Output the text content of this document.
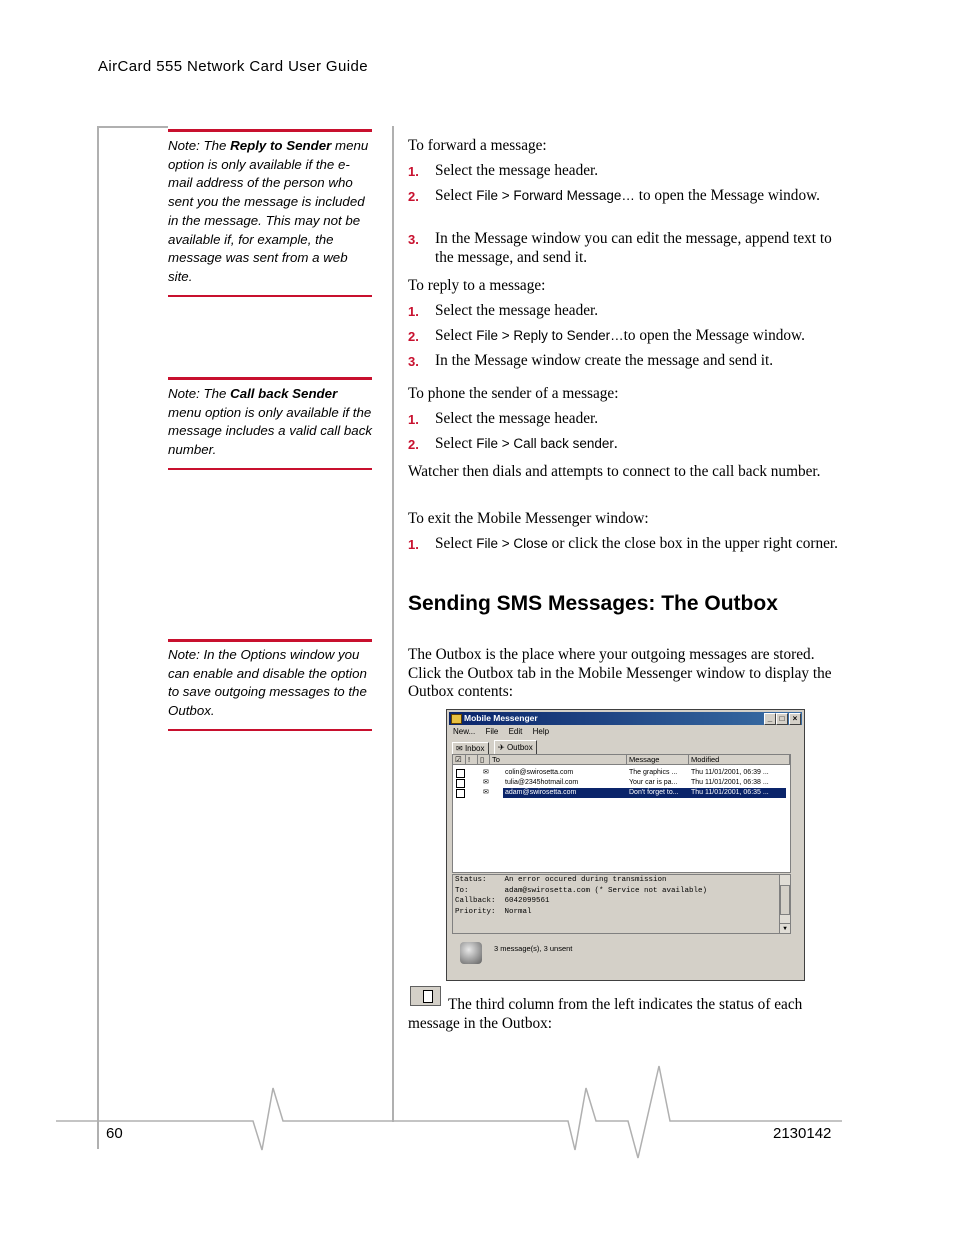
AirCard 555 Network Card User Guide
Note: The Reply to Sender menu option is only available if the e-mail address of the person who sent you the message is included in the message. This may not be available if, for example, the message was sent from a web site.
Note: The Call back Sender menu option is only available if the message includes a valid call back number.
Note: In the Options window you can enable and disable the option to save outgoing messages to the Outbox.
To forward a message:
1. Select the message header.
2. Select File > Forward Message… to open the Message window.
3. In the Message window you can edit the message, append text to the message, and send it.
To reply to a message:
1. Select the message header.
2. Select File > Reply to Sender…to open the Message window.
3. In the Message window create the message and send it.
To phone the sender of a message:
1. Select the message header.
2. Select File > Call back sender.
Watcher then dials and attempts to connect to the call back number.
To exit the Mobile Messenger window:
1. Select File > Close or click the close box in the upper right corner.
Sending SMS Messages: The Outbox
The Outbox is the place where your outgoing messages are stored. Click the Outbox tab in the Mobile Messenger window to display the Outbox contents:
Mobile Messenger	_ □	×
New... File Edit Help
✉ Inbox	✈ Outbox
☑ !	▯	To	Message	Modified
✉ colin@swirosetta.com	The graphics ... Thu 11/01/2001, 06:39 ...
✉ tulia@2345hotmail.com	Your car is pa... Thu 11/01/2001, 06:38 ...
✉ adam@swirosetta.com	Don't forget to... Thu 11/01/2001, 06:35 ...
Status:    An error occured during transmission
To:        adam@swirosetta.com (* Service not available)
Callback:  6042099561
Priority:  Normal

▼

3 message(s), 3 unsent
The third column from the left indicates the status of each message in the Outbox:
60	2130142
